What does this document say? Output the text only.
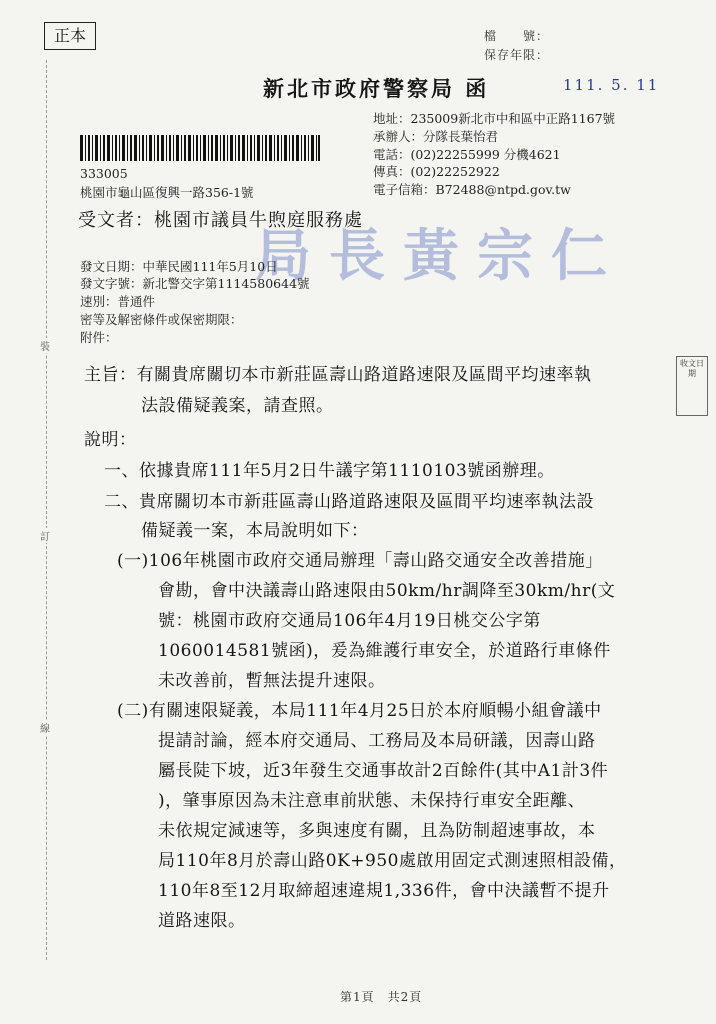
正本	檔　　號：
保存年限：
新北市政府警察局 函	111. 5. 11
地址：235009新北市中和區中正路1167號
承辦人：分隊長葉怡君
電話：(02)22255999 分機4621
傳真：(02)22252922
電子信箱：B72488@ntpd.gov.tw
333005
桃園市龜山區復興一路356-1號
受文者：桃園市議員牛煦庭服務處
局長黃宗仁
發文日期：中華民國111年5月10日
發文字號：新北警交字第1114580644號
速別：普通件
密等及解密條件或保密期限：
附件：
裝
訂
線
收文日期
主旨：有關貴席關切本市新莊區壽山路道路速限及區間平均速率執
法設備疑義案，請查照。
說明：
一、依據貴席111年5月2日牛議字第1110103號函辦理。
二、貴席關切本市新莊區壽山路道路速限及區間平均速率執法設
備疑義一案，本局說明如下：
(一)106年桃園市政府交通局辦理「壽山路交通安全改善措施」
會勘，會中決議壽山路速限由50km/hr調降至30km/hr(文
號：桃園市政府交通局106年4月19日桃交公字第
1060014581號函)，爰為維護行車安全，於道路行車條件
未改善前，暫無法提升速限。
(二)有關速限疑義，本局111年4月25日於本府順暢小組會議中
提請討論，經本府交通局、工務局及本局研議，因壽山路
屬長陡下坡，近3年發生交通事故計2百餘件(其中A1計3件
)，肇事原因為未注意車前狀態、未保持行車安全距離、
未依規定減速等，多與速度有關，且為防制超速事故，本
局110年8月於壽山路0K+950處啟用固定式測速照相設備，
110年8至12月取締超速違規1,336件，會中決議暫不提升
道路速限。
第1頁　共2頁
